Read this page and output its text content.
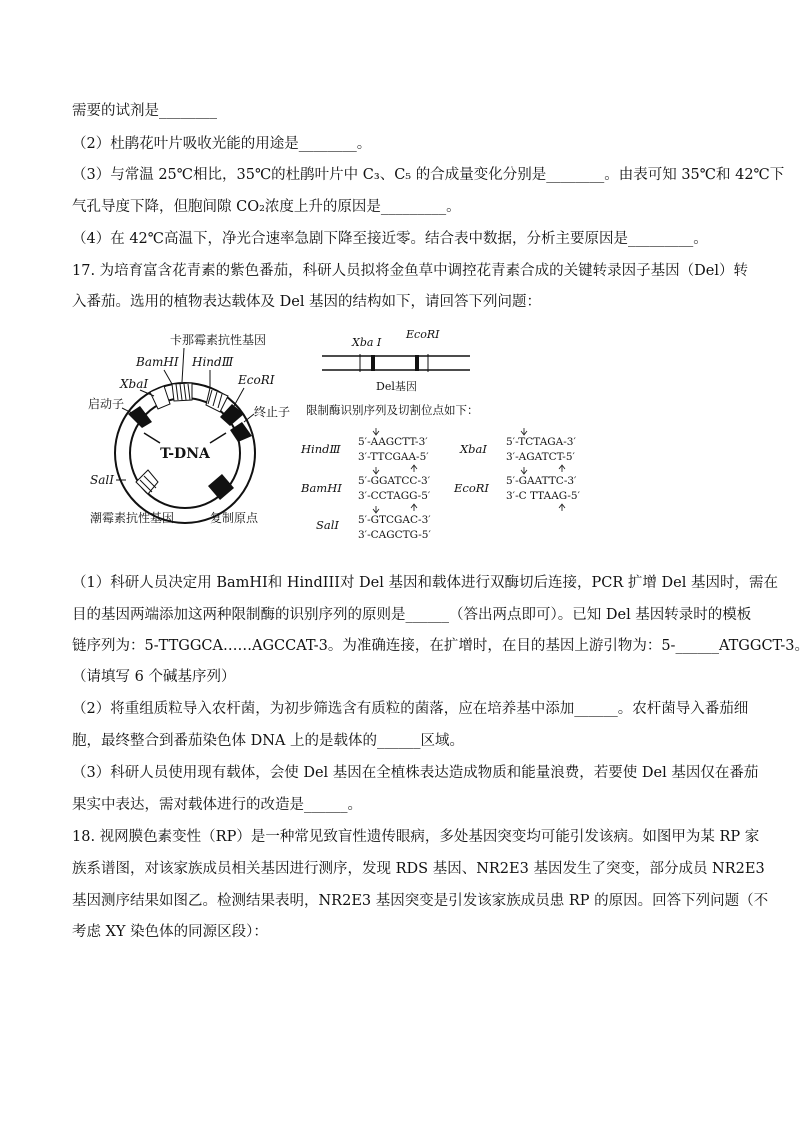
需要的试剂是________
（2）杜鹃花叶片吸收光能的用途是________。
（3）与常温 25℃相比，35℃的杜鹃叶片中 C₃、C₅ 的合成量变化分别是________。由表可知 35℃和 42℃下
气孔导度下降，但胞间隙 CO₂浓度上升的原因是_________。
（4）在 42℃高温下，净光合速率急剧下降至接近零。结合表中数据，分析主要原因是_________。
17. 为培育富含花青素的紫色番茄，科研人员拟将金鱼草中调控花青素合成的关键转录因子基因（Del）转
入番茄。选用的植物表达载体及 Del 基因的结构如下，请回答下列问题：
T-DNA
卡那霉素抗性基因
BamHⅠ HindⅢ
XbaⅠ	EcoRⅠ
启动子
终止子
SalⅠ
潮霉素抗性基因	复制原点
Xba Ⅰ
EcoRⅠ
Del基因
限制酶识别序列及切割位点如下：
HindⅢ 5′-AAGCTT-3′
3′-TTCGAA-5′
XbaⅠ 5′-TCTAGA-3′
3′-AGATCT-5′
BamHⅠ 5′-GGATCC-3′
3′-CCTAGG-5′
EcoRⅠ 5′-GAATTC-3′
3′-C TTAAG-5′
SalⅠ 5′-GTCGAC-3′
3′-CAGCTG-5′
（1）科研人员决定用 BamHI和 HindIII对 Del 基因和载体进行双酶切后连接，PCR 扩增 Del 基因时，需在
目的基因两端添加这两种限制酶的识别序列的原则是______（答出两点即可）。已知 Del 基因转录时的模板
链序列为：5-TTGGCA……AGCCAT-3。为准确连接，在扩增时，在目的基因上游引物为：5-______ATGGCT-3。
（请填写 6 个碱基序列）
（2）将重组质粒导入农杆菌，为初步筛选含有质粒的菌落，应在培养基中添加______。农杆菌导入番茄细
胞，最终整合到番茄染色体 DNA 上的是载体的______区域。
（3）科研人员使用现有载体，会使 Del 基因在全植株表达造成物质和能量浪费，若要使 Del 基因仅在番茄
果实中表达，需对载体进行的改造是______。
18. 视网膜色素变性（RP）是一种常见致盲性遗传眼病，多处基因突变均可能引发该病。如图甲为某 RP 家
族系谱图，对该家族成员相关基因进行测序，发现 RDS 基因、NR2E3 基因发生了突变，部分成员 NR2E3
基因测序结果如图乙。检测结果表明，NR2E3 基因突变是引发该家族成员患 RP 的原因。回答下列问题（不
考虑 XY 染色体的同源区段）：
